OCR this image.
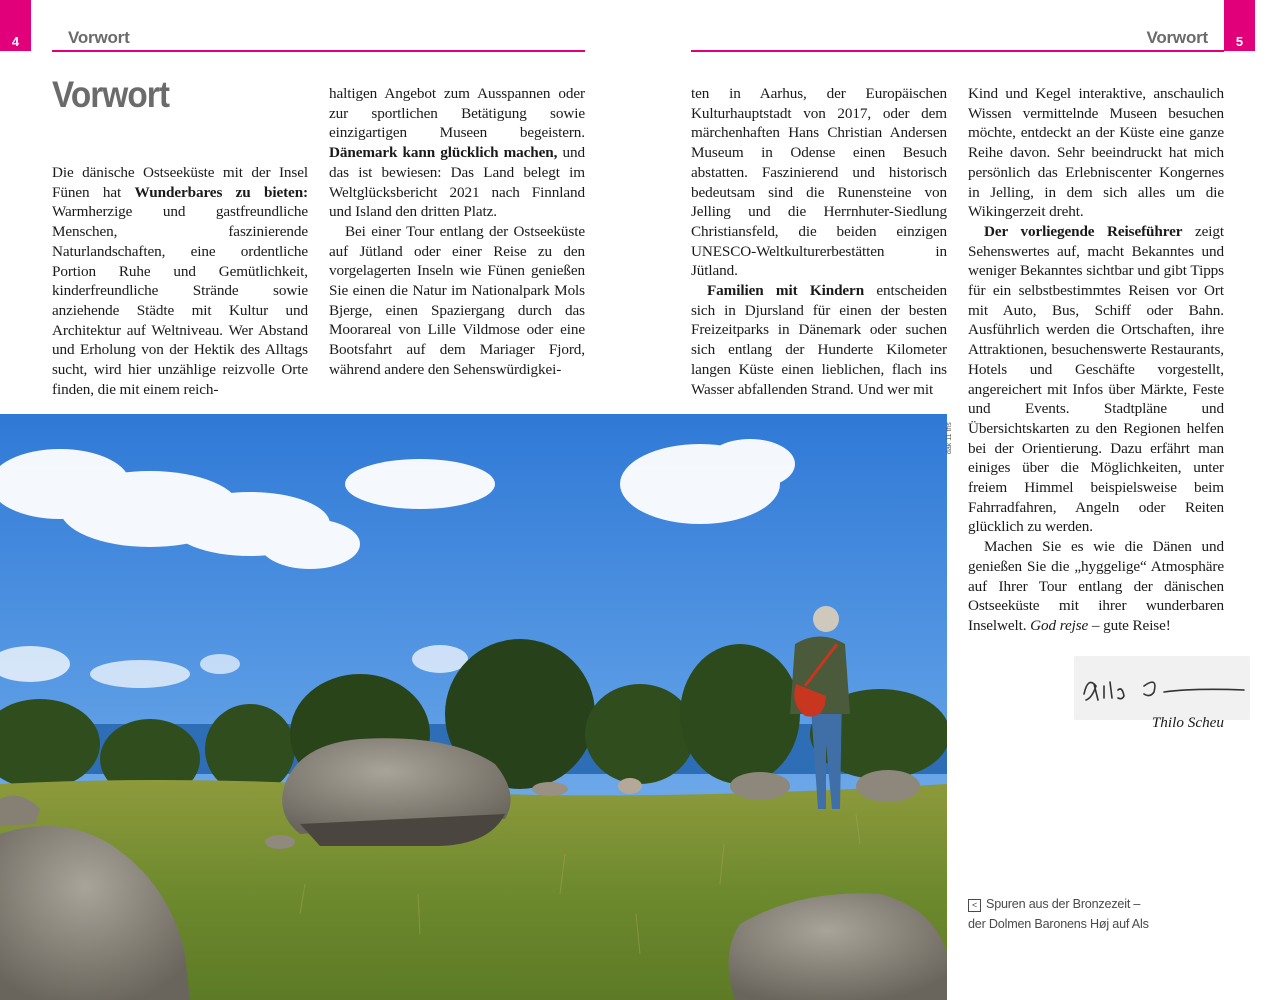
4	Vorwort	Vorwort	5
Vorwort

Die dänische Ostseeküste mit der Insel Fünen hat Wunderbares zu bieten: Warmherzige und gastfreundliche Menschen, faszinierende Naturlandschaften, eine ordentliche Portion Ruhe und Gemütlichkeit, kinderfreundliche Strände sowie anziehende Städte mit Kultur und Architektur auf Weltniveau. Wer Abstand und Erholung von der Hektik des Alltags sucht, wird hier unzählige reizvolle Orte finden, die mit einem reich-

haltigen Angebot zum Ausspannen oder zur sportlichen Betätigung sowie einzigartigen Museen begeistern. Dänemark kann glücklich machen, und das ist bewiesen: Das Land belegt im Weltglücksbericht 2021 nach Finnland und Island den dritten Platz.

Bei einer Tour entlang der Ostseeküste auf Jütland oder einer Reise zu den vorgelagerten Inseln wie Fünen genießen Sie einen die Natur im Nationalpark Mols Bjerge, einen Spaziergang durch das Moorareal von Lille Vildmose oder eine Bootsfahrt auf dem Mariager Fjord, während andere den Sehenswürdigkei-

ten in Aarhus, der Europäischen Kulturhauptstadt von 2017, oder dem märchenhaften Hans Christian Andersen Museum in Odense einen Besuch abstatten. Faszinierend und historisch bedeutsam sind die Runensteine von Jelling und die Herrnhuter-Siedlung Christiansfeld, die beiden einzigen UNESCO-Weltkulturerbestätten in Jütland.

Familien mit Kindern entscheiden sich in Djursland für einen der besten Freizeitparks in Dänemark oder suchen sich entlang der Hunderte Kilometer langen Küste einen lieblichen, flach ins Wasser abfallenden Strand. Und wer mit

Kind und Kegel interaktive, anschaulich Wissen vermittelnde Museen besuchen möchte, entdeckt an der Küste eine ganze Reihe davon. Sehr beeindruckt hat mich persönlich das Erlebniscenter Kongernes in Jelling, in dem sich alles um die Wikingerzeit dreht.

Der vorliegende Reiseführer zeigt Sehenswertes auf, macht Bekanntes und weniger Bekanntes sichtbar und gibt Tipps für ein selbstbestimmtes Reisen vor Ort mit Auto, Bus, Schiff oder Bahn. Ausführlich werden die Ortschaften, ihre Attraktionen, besuchenswerte Restaurants, Hotels und Geschäfte vorgestellt, angereichert mit Infos über Märkte, Feste und Events. Stadtpläne und Übersichtskarten zu den Regionen helfen bei der Orientierung. Dazu erfährt man einiges über die Möglichkeiten, unter freiem Himmel beispielsweise beim Fahrradfahren, Angeln oder Reiten glücklich zu werden.

Machen Sie es wie die Dänen und genießen Sie die „hyggelige“ Atmosphäre auf Ihrer Tour entlang der dänischen Ostseeküste mit ihrer wunderbaren Inselwelt. God rejse – gute Reise!

dak 11 ths
Thilo Scheu
< Spuren aus der Bronzezeit –
der Dolmen Baronens Høj auf Als
